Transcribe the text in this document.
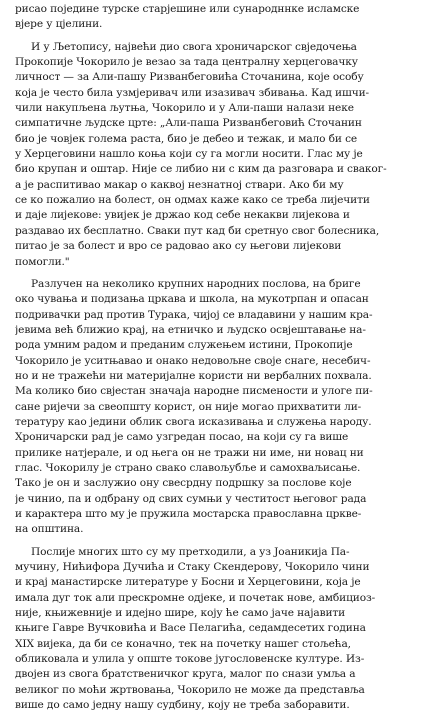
рисао поједине турске старјешине или сународннке исламске
вјере у цјелини.
И у Љетопису, највећи дио свога хроничарског свједочења
Прокопије Чокорило је везао за тада централну херцеговачку
личност — за Али-пашу Ризванбеговића Сточанина, које особу
која је често била узмјеривач или изазивач збивања. Кад ишчи-
чили накупљена љутња, Чокорило и у Али-паши налази неке
симпатичне људске црте: „Али-паша Ризванбеговић Сточанин
био је човјек голема раста, био је дебео и тежак, и мало би се
у Херцеговини нашло коња који су га могли носити. Глас му је
био крупан и оштар. Није се либио ни с ким да разговара и сваког-
а је распитивао макар о каквој незнатној ствари. Ако би му
се ко пожалио на болест, он одмах каже како се треба лијечити
и даје лијекове: увијек је држао код себе некакви лијекова и
раздавао их бесплатно. Сваки пут кад би сретнуо свог болесника,
питао је за болест и вро се радовао ако су његови лијекови
помогли."
Разлучен на неколико крупних народних послова, на бриге
око чувања и подизања цркава и школа, на мукотрпан и опасан
подривачки рад против Турака, чијој се владавини у нашим кра-
јевима већ ближио крај, на етничко и људско освјештавање на-
рода умним радом и преданим служењем истини, Прокопије
Чокорило је уситњавао и онако недовољне своје снаге, несебич-
но и не тражећи ни материјалне користи ни вербалних похвала.
Ма колико био свјестан значаја народне писмености и улоге пи-
сане ријечи за свеопшту корист, он није могао прихватити ли-
тературу као једини облик свога исказивања и служења народу.
Хроничарски рад је само узгредан посао, на који су га више
прилике натјерале, и од њега он не тражи ни име, ни новац ни
глас. Чокорилу је страно свако славољубље и самохваљисање.
Тако је он и заслужио ону свесрдну подршку за послове које
је чинио, па и одбрану од свих сумњи у честитост његовог рада
и карактера што му је пружила мостарска православна цркве-
на општина.
Послије многих што су му претходили, а уз Јоаникија Па-
мучину, Нићифора Дучића и Стаку Скендерову, Чокорило чини
и крај манастирске литературе у Босни и Херцеговини, која је
имала дуг ток али прескромне одјеке, и почетак нове, амбициоз-
није, књижевније и идејно шире, коју ће само јаче најавити
књиге Гавре Вучковића и Васе Пелагића, седамдесетих година
XIX вијека, да би се коначно, тек на почетку нашег стољећа,
обликовала и улила у опште токове југословенске културе. Из-
двојен из свога братственичког круга, малог по снази умља а
великог по моћи жртвовања, Чокорило не може да представља
више до само једну нашу судбину, коју не треба заборавити.
